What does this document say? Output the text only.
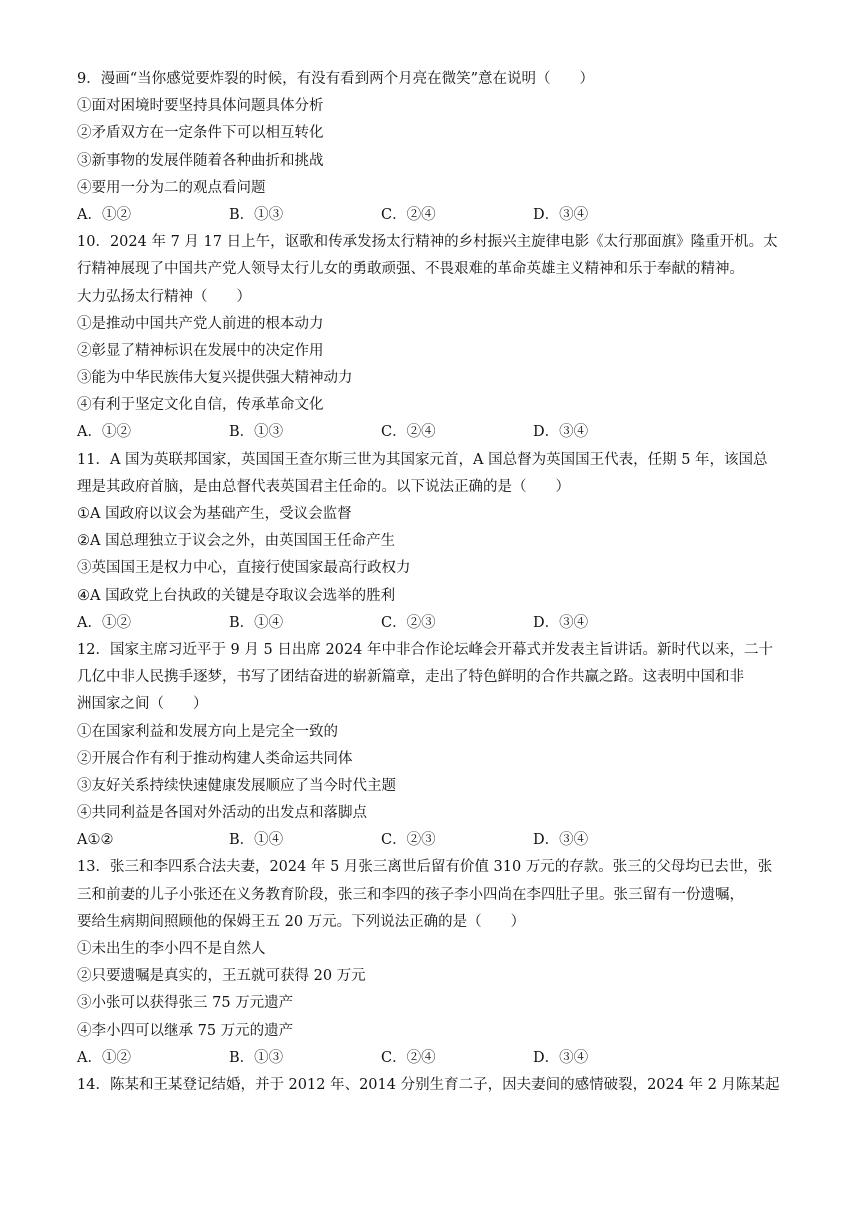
9．漫画“当你感觉要炸裂的时候，有没有看到两个月亮在微笑”意在说明（　　）
①面对困境时要坚持具体问题具体分析
②矛盾双方在一定条件下可以相互转化
③新事物的发展伴随着各种曲折和挑战
④要用一分为二的观点看问题
A．①②	B．①③	C．②④	D．③④
10．2024 年 7 月 17 日上午，讴歌和传承发扬太行精神的乡村振兴主旋律电影《太行那面旗》隆重开机。太
行精神展现了中国共产党人领导太行儿女的勇敢顽强、不畏艰难的革命英雄主义精神和乐于奉献的精神。
大力弘扬太行精神（　　）
①是推动中国共产党人前进的根本动力
②彰显了精神标识在发展中的决定作用
③能为中华民族伟大复兴提供强大精神动力
④有利于坚定文化自信，传承革命文化
A．①②	B．①③	C．②④	D．③④
11．A 国为英联邦国家，英国国王查尔斯三世为其国家元首，A 国总督为英国国王代表，任期 5 年，该国总
理是其政府首脑，是由总督代表英国君主任命的。以下说法正确的是（　　）
①A 国政府以议会为基础产生，受议会监督
②A 国总理独立于议会之外，由英国国王任命产生
③英国国王是权力中心，直接行使国家最高行政权力
④A 国政党上台执政的关键是夺取议会选举的胜利
A．①②	B．①④	C．②③	D．③④
12．国家主席习近平于 9 月 5 日出席 2024 年中非合作论坛峰会开幕式并发表主旨讲话。新时代以来，二十
几亿中非人民携手逐梦，书写了团结奋进的崭新篇章，走出了特色鲜明的合作共赢之路。这表明中国和非
洲国家之间（　　）
①在国家利益和发展方向上是完全一致的
②开展合作有利于推动构建人类命运共同体
③友好关系持续快速健康发展顺应了当今时代主题
④共同利益是各国对外活动的出发点和落脚点
A①②	B．①④	C．②③	D．③④
13．张三和李四系合法夫妻，2024 年 5 月张三离世后留有价值 310 万元的存款。张三的父母均已去世，张
三和前妻的儿子小张还在义务教育阶段，张三和李四的孩子李小四尚在李四肚子里。张三留有一份遗嘱，
要给生病期间照顾他的保姆王五 20 万元。下列说法正确的是（　　）
①未出生的李小四不是自然人
②只要遗嘱是真实的，王五就可获得 20 万元
③小张可以获得张三 75 万元遗产
④李小四可以继承 75 万元的遗产
A．①②	B．①③	C．②④	D．③④
14．陈某和王某登记结婚，并于 2012 年、2014 分别生育二子，因夫妻间的感情破裂，2024 年 2 月陈某起
